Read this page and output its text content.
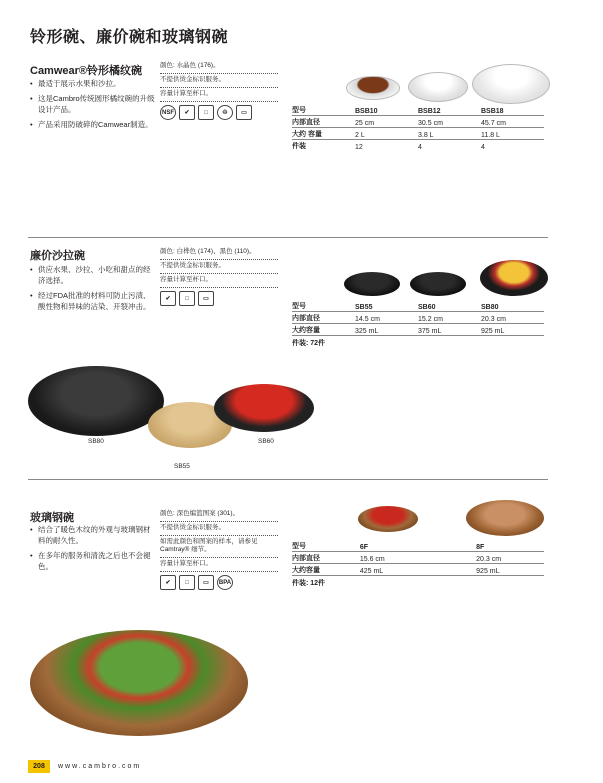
铃形碗、廉价碗和玻璃钢碗
Camwear®铃形橘纹碗
• 最适于展示水果和沙拉。
• 这是Cambro传统圆形橘纹碗的升级设计产品。
• 产品采用防破碎的Camwear制造。
颜色: 水晶色 (176)。
不提供烫金标识服务。
容量计算至杯口。
NSF	✔	□	♲	▭	型号	BSB10	BSB12	BSB18
内部直径	25 cm	30.5 cm	45.7 cm
大约 容量	2 L	3.8 L	11.8 L
件装	12	4	4
廉价沙拉碗
• 供应水果、沙拉、小吃和甜点的经济选择。
• 经过FDA批准的材料可防止污渍、酸性物和异味的沾染、开裂冲击。
颜色: 白桦色 (174)、黑色 (110)。
不提供烫金标识服务。
容量计算至杯口。
✔	□	▭
型号	SB55	SB60	SB80
内部直径	14.5 cm	15.2 cm	20.3 cm
大约容量	325 mL	375 mL	925 mL
件装: 72件
SB80	SB60
SB55
玻璃钢碗
• 结合了暖色木纹的外观与玻璃钢材料的耐久性。
• 在多年的服务和清洗之后也不会褪色。
颜色: 深色编篮图案 (301)。
不提供烫金标识服务。
如需此颜色和图案的样本，请参见Camtray® 细节。
容量计算至杯口。
✔	□	▭	BPA
型号	6F	8F
内部直径	15.6 cm	20.3 cm
大约容量	425 mL	925 mL
件装: 12件
208	www.cambro.com
